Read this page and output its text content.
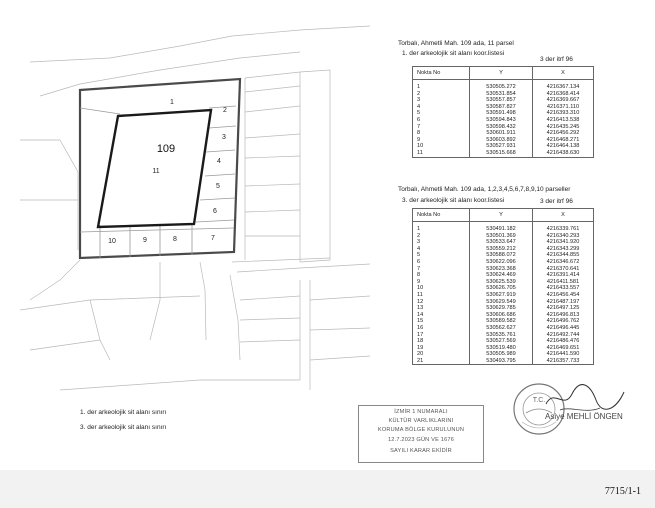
109
1
2
3
4
5
6
7
8
9
10
11
1. der arkeolojik sit alanı sınırı
3. der arkeolojik sit alanı sınırı
Torbalı, Ahmetli Mah. 109 ada, 11 parsel
1. der arkeolojik sit alanı koor.listesi
3 der itrf 96
Nokta No	Y	X
1	530505.272	4216367.134
2	530531.854	4216368.414
3	530557.857	4216369.667
4	530587.827	4216371.110
5	530591.498	4216393.310
6	530594.843	4216413.538
7	530598.432	4216435.245
8	530601.911	4216456.292
9	530603.892	4216468.271
10	530527.931	4216464.138
11	530515.668	4216438.630
Torbalı, Ahmetli Mah. 109 ada, 1,2,3,4,5,6,7,8,9,10 parseller
3. der arkeolojik sit alanı koor.listesi	3 der itrf 96
Nokta No	Y	X
1	530491.182	4216339.761
2	530501.369	4216340.293
3	530533.647	4216341.920
4	530559.212	4216343.299
5	530588.072	4216344.855
6	530622.096	4216346.672
7	530623.368	4216370.641
8	530624.469	4216391.414
9	530625.539	4216411.581
10	530626.705	4216433.557
11	530627.919	4216456.454
12	530629.549	4216487.197
13	530629.785	4216497.125
14	530606.686	4216496.813
15	530589.582	4216496.762
16	530562.627	4216496.445
17	530535.761	4216492.744
18	530527.569	4216486.476
19	530519.480	4216469.651
20	530505.989	4216441.590
21	530493.795	4216357.733
İZMİR 1 NUMARALI
KÜLTÜR VARLIKLARINI
KORUMA BÖLGE KURULUNUN
12.7.2023 GÜN VE 1676
SAYILI KARAR EKİDİR
T.C.
Asiye MEHLİ ÖNGEN
7715/1-1
